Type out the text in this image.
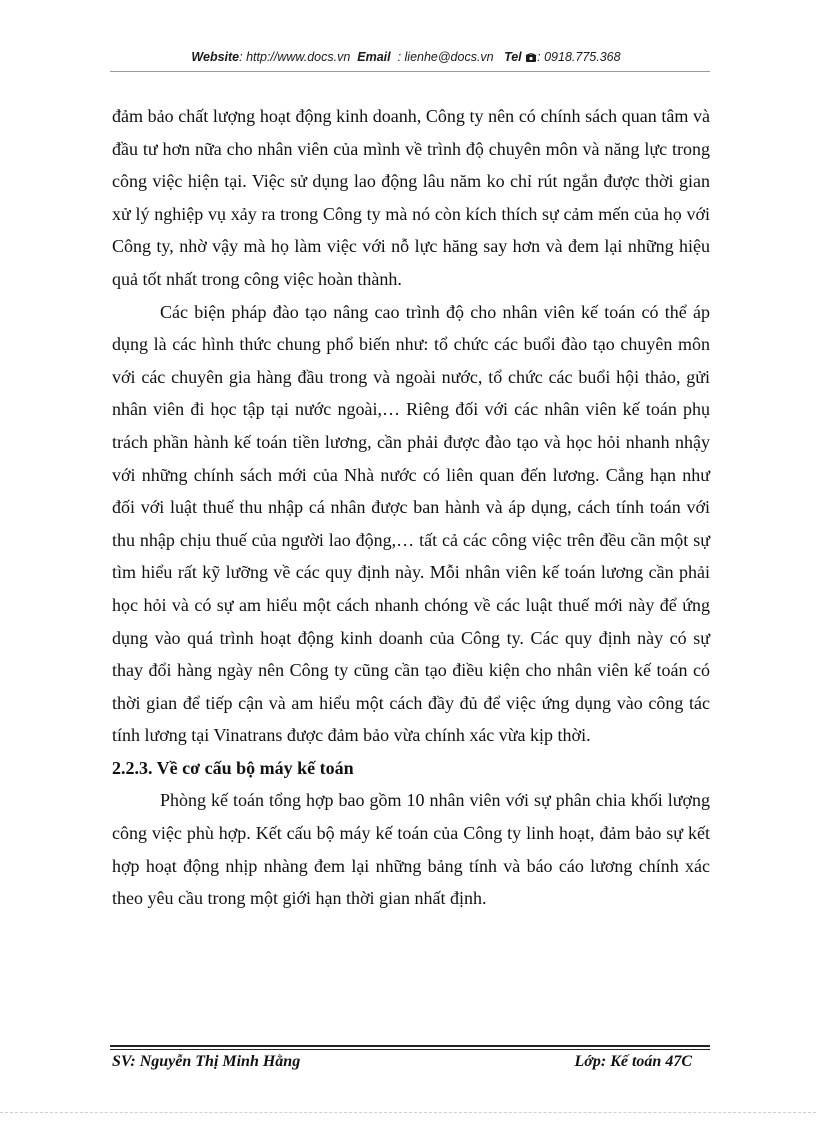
Website: http://www.docs.vn Email : lienhe@docs.vn Tel : 0918.775.368

đảm bảo chất lượng hoạt động kinh doanh, Công ty nên có chính sách quan tâm và đầu tư hơn nữa cho nhân viên của mình về trình độ chuyên môn và năng lực trong công việc hiện tại. Việc sử dụng lao động lâu năm ko chỉ rút ngắn được thời gian xử lý nghiệp vụ xảy ra trong Công ty mà nó còn kích thích sự cảm mến của họ với Công ty, nhờ vậy mà họ làm việc với nỗ lực hăng say hơn và đem lại những hiệu quả tốt nhất trong công việc hoàn thành.

Các biện pháp đào tạo nâng cao trình độ cho nhân viên kế toán có thể áp dụng là các hình thức chung phổ biến như: tổ chức các buổi đào tạo chuyên môn với các chuyên gia hàng đầu trong và ngoài nước, tổ chức các buổi hội thảo, gửi nhân viên đi học tập tại nước ngoài,… Riêng đối với các nhân viên kế toán phụ trách phần hành kế toán tiền lương, cần phải được đào tạo và học hỏi nhanh nhậy với những chính sách mới của Nhà nước có liên quan đến lương. Cẳng hạn như đối với luật thuế thu nhập cá nhân được ban hành và áp dụng, cách tính toán với thu nhập chịu thuế của người lao động,… tất cả các công việc trên đều cần một sự tìm hiểu rất kỹ lưỡng về các quy định này. Mỗi nhân viên kế toán lương cần phải học hỏi và có sự am hiểu một cách nhanh chóng về các luật thuế mới này để ứng dụng vào quá trình hoạt động kinh doanh của Công ty. Các quy định này có sự thay đổi hàng ngày nên Công ty cũng cần tạo điều kiện cho nhân viên kế toán có thời gian để tiếp cận và am hiểu một cách đầy đủ để việc ứng dụng vào công tác tính lương tại Vinatrans được đảm bảo vừa chính xác vừa kịp thời.

2.2.3. Về cơ cấu bộ máy kế toán

Phòng kế toán tổng hợp bao gồm 10 nhân viên với sự phân chia khối lượng công việc phù hợp. Kết cấu bộ máy kế toán của Công ty linh hoạt, đảm bảo sự kết hợp hoạt động nhịp nhàng đem lại những bảng tính và báo cáo lương chính xác theo yêu cầu trong một giới hạn thời gian nhất định.

SV: Nguyễn Thị Minh Hằng	Lớp: Kế toán 47C
